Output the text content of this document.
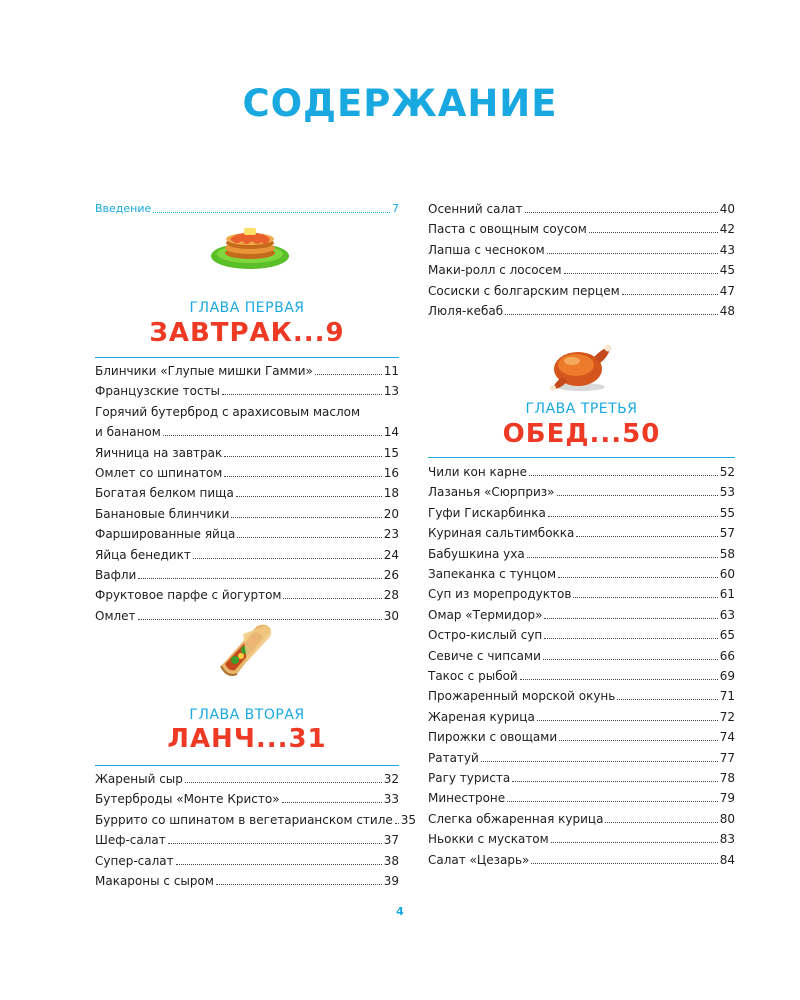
СОДЕРЖАНИЕ
Введение	7
ГЛАВА ПЕРВАЯ
ЗАВТРАК...9
Блинчики «Глупые мишки Гамми»	11
Французские тосты	13
Горячий бутерброд с арахисовым маслом
и бананом	14
Яичница на завтрак	15
Омлет со шпинатом	16
Богатая белком пища	18
Банановые блинчики	20
Фаршированные яйца	23
Яйца бенедикт	24
Вафли	26
Фруктовое парфе с йогуртом	28
Омлет	30
ГЛАВА ВТОРАЯ
ЛАНЧ...31
Жареный сыр	32
Бутерброды «Монте Кристо»	33
Буррито со шпинатом в вегетарианском стиле 35
Шеф-салат	37
Супер-салат	38
Макароны с сыром	39
Осенний салат	40
Паста с овощным соусом	42
Лапша с чесноком	43
Маки-ролл с лососем	45
Сосиски с болгарским перцем	47
Люля-кебаб	48
ГЛАВА ТРЕТЬЯ
ОБЕД...50
Чили кон карне	52
Лазанья «Сюрприз»	53
Гуфи Гискарбинка	55
Куриная сальтимбокка	57
Бабушкина уха	58
Запеканка с тунцом	60
Суп из морепродуктов	61
Омар «Термидор»	63
Остро-кислый суп	65
Севиче с чипсами	66
Такос с рыбой	69
Прожаренный морской окунь	71
Жареная курица	72
Пирожки с овощами	74
Рататуй	77
Рагу туриста	78
Минестроне	79
Слегка обжаренная курица	80
Ньокки с мускатом	83
Салат «Цезарь»	84
4
